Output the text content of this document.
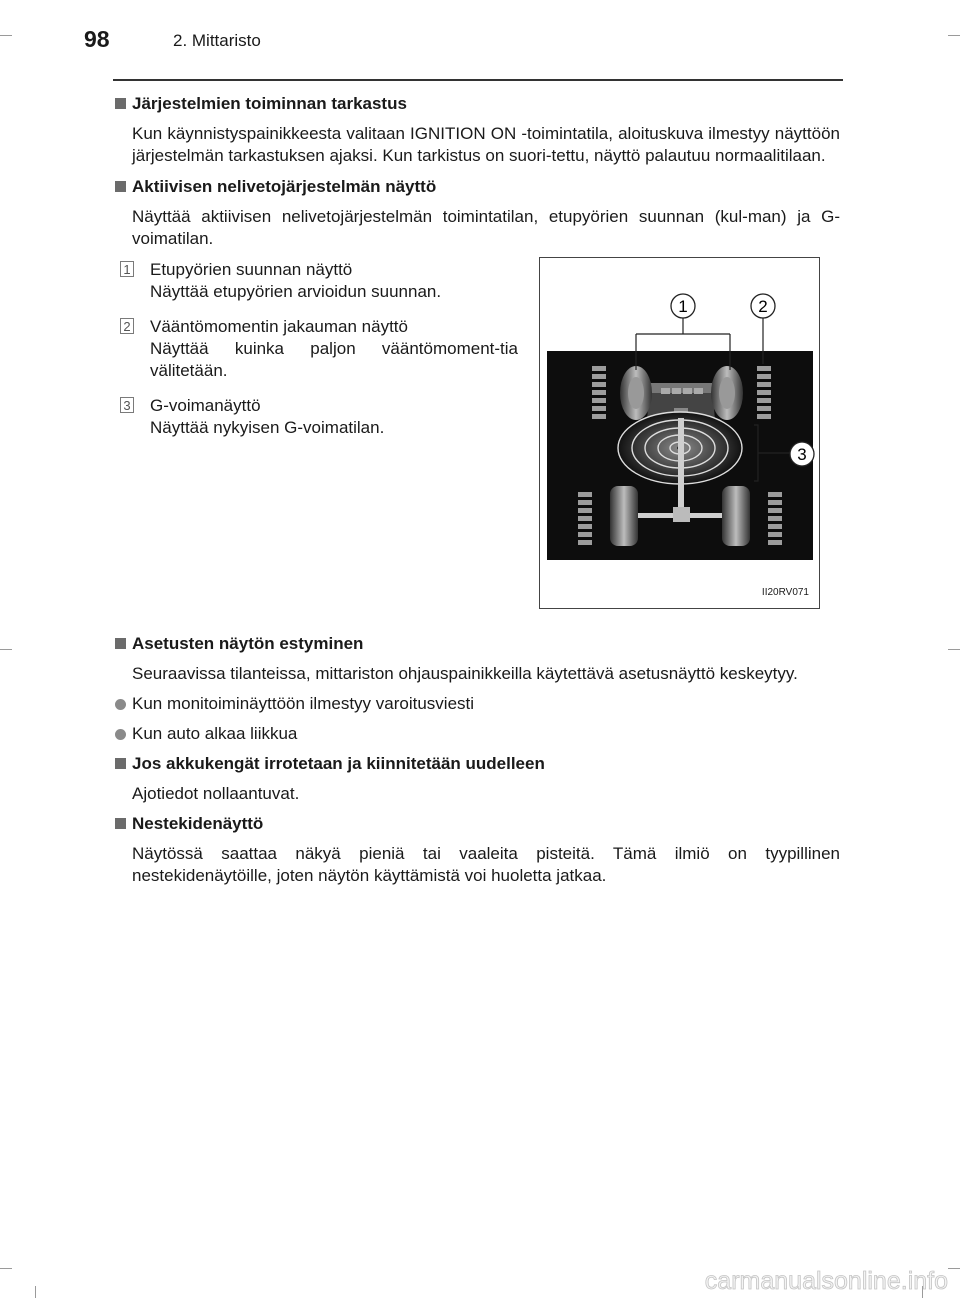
98	2. Mittaristo
Järjestelmien toiminnan tarkastus
Kun käynnistyspainikkeesta valitaan IGNITION ON -toimintatila, aloituskuva ilmestyy näyttöön järjestelmän tarkastuksen ajaksi. Kun tarkistus on suori-tettu, näyttö palautuu normaalitilaan.
Aktiivisen nelivetojärjestelmän näyttö
Näyttää aktiivisen nelivetojärjestelmän toimintatilan, etupyörien suunnan (kul-man) ja G-voimatilan.
1 Etupyörien suunnan näyttö
Näyttää etupyörien arvioidun suunnan.
2 Vääntömomentin jakauman näyttö
Näyttää kuinka paljon vääntömoment-tia välitetään.
3 G-voimanäyttö
Näyttää nykyisen G-voimatilan.
1	2
3
II20RV071
Asetusten näytön estyminen
Seuraavissa tilanteissa, mittariston ohjauspainikkeilla käytettävä asetusnäyttö keskeytyy.
Kun monitoiminäyttöön ilmestyy varoitusviesti
Kun auto alkaa liikkua
Jos akkukengät irrotetaan ja kiinnitetään uudelleen
Ajotiedot nollaantuvat.
Nestekidenäyttö
Näytössä saattaa näkyä pieniä tai vaaleita pisteitä. Tämä ilmiö on tyypillinen nestekidenäytöille, joten näytön käyttämistä voi huoletta jatkaa.
carmanualsonline.info
